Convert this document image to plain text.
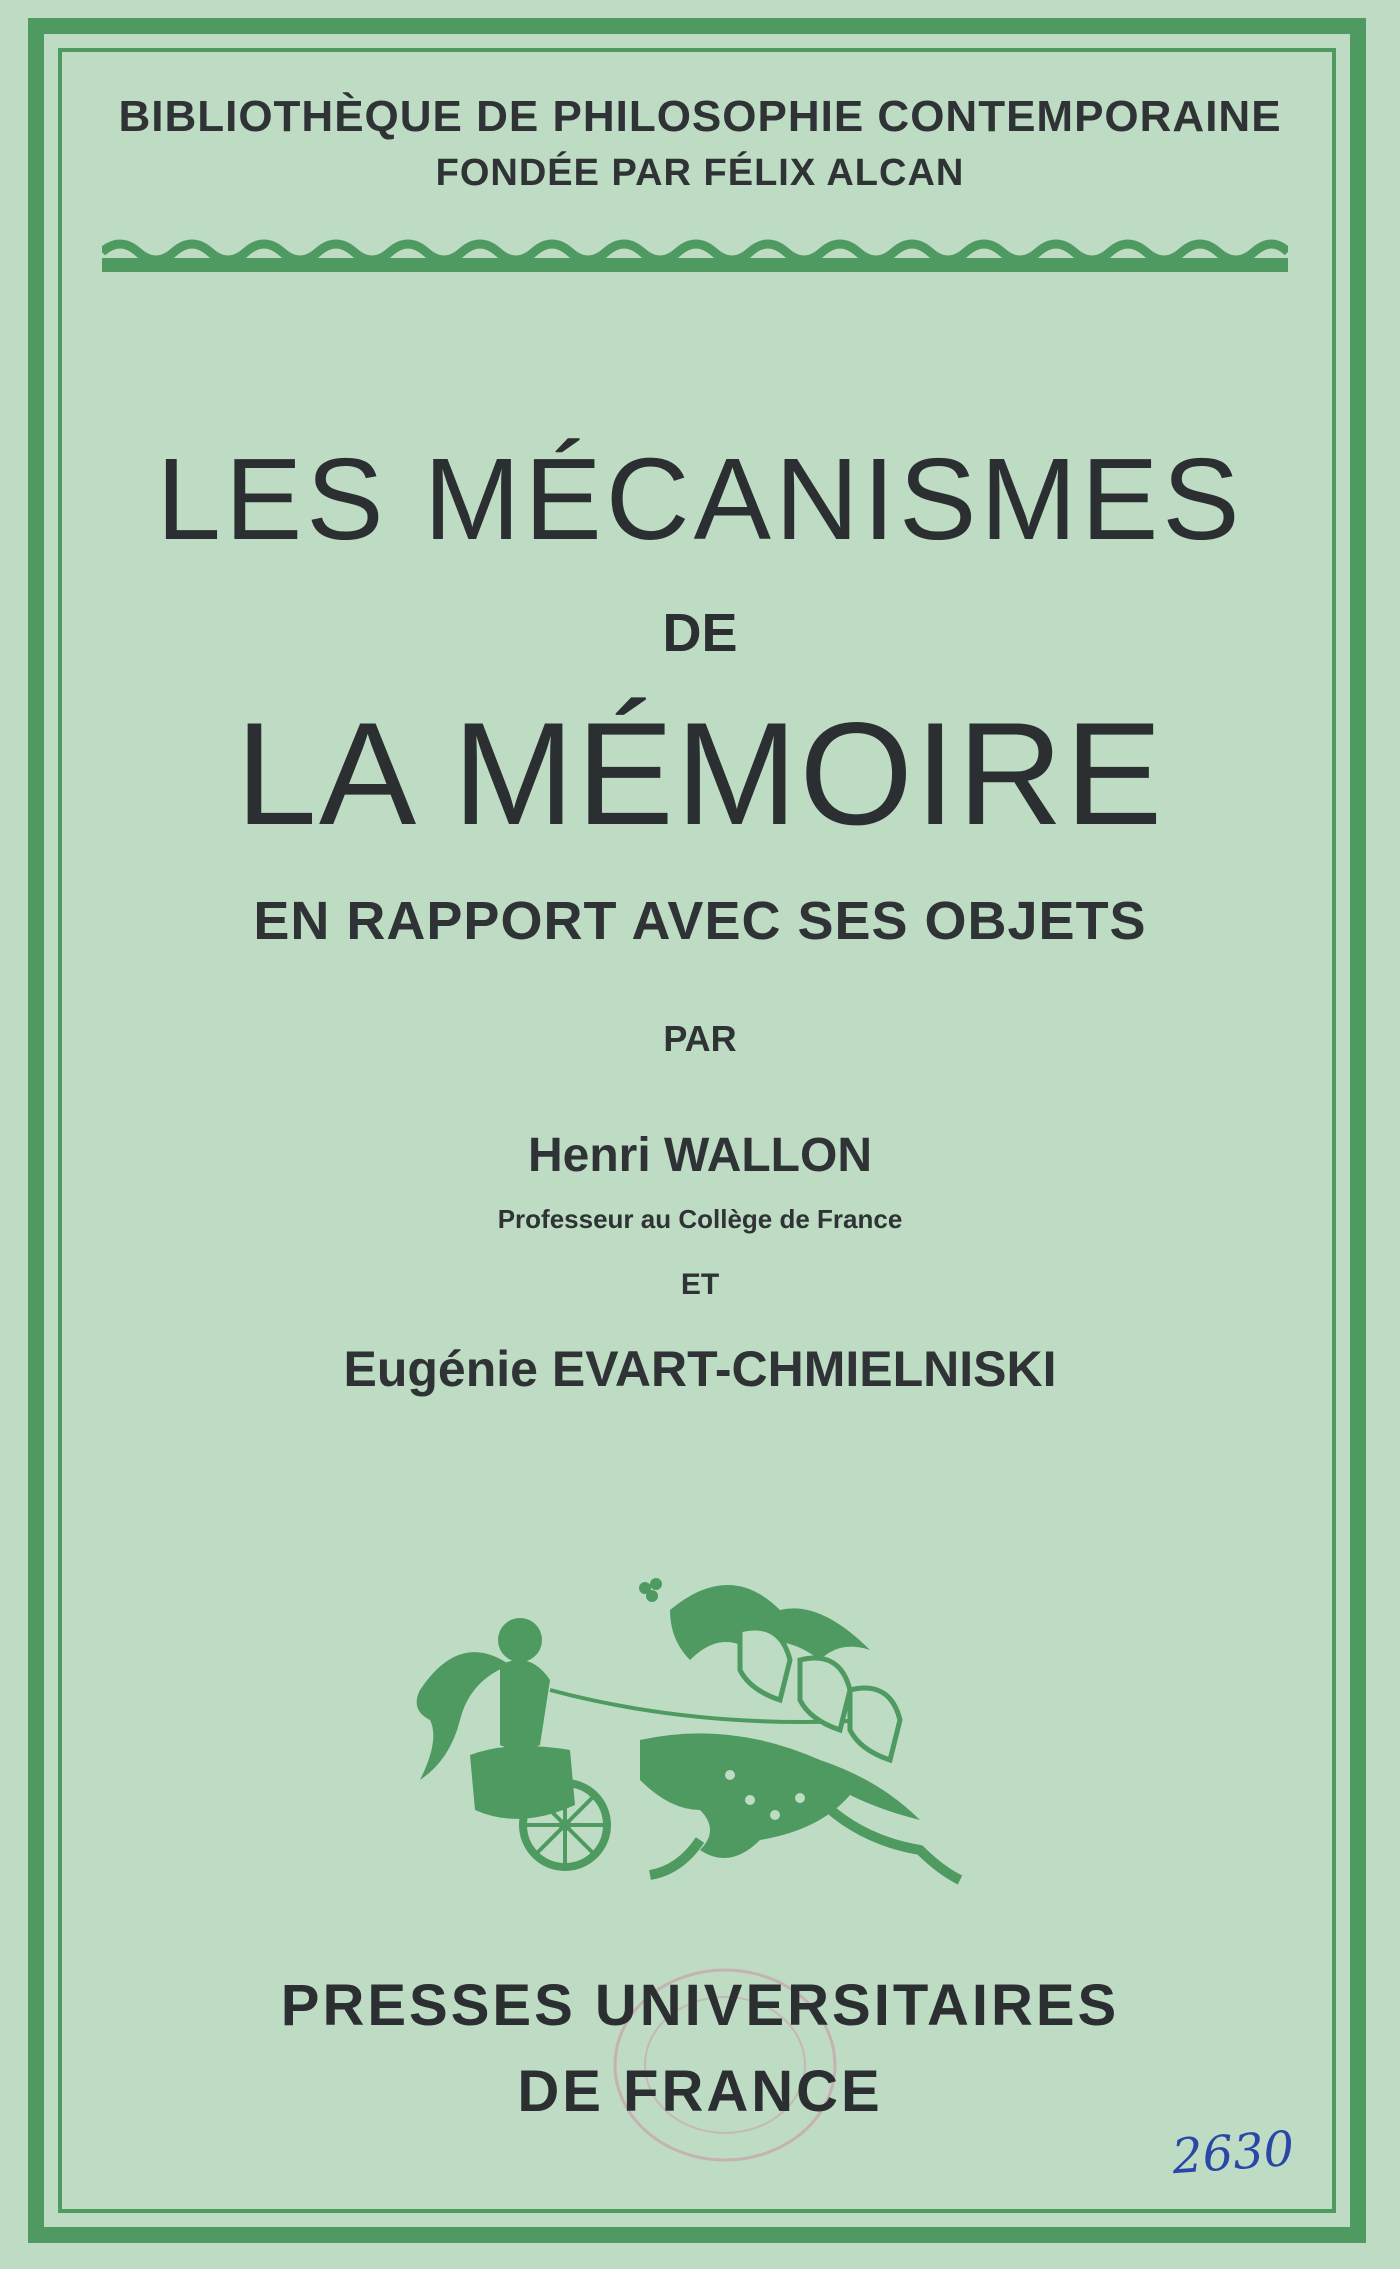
BIBLIOTHÈQUE DE PHILOSOPHIE CONTEMPORAINE
FONDÉE PAR FÉLIX ALCAN
LES MÉCANISMES
DE
LA MÉMOIRE
EN RAPPORT AVEC SES OBJETS
PAR
Henri WALLON
Professeur au Collège de France
ET
Eugénie EVART-CHMIELNISKI
PRESSES UNIVERSITAIRES
DE FRANCE
2630
